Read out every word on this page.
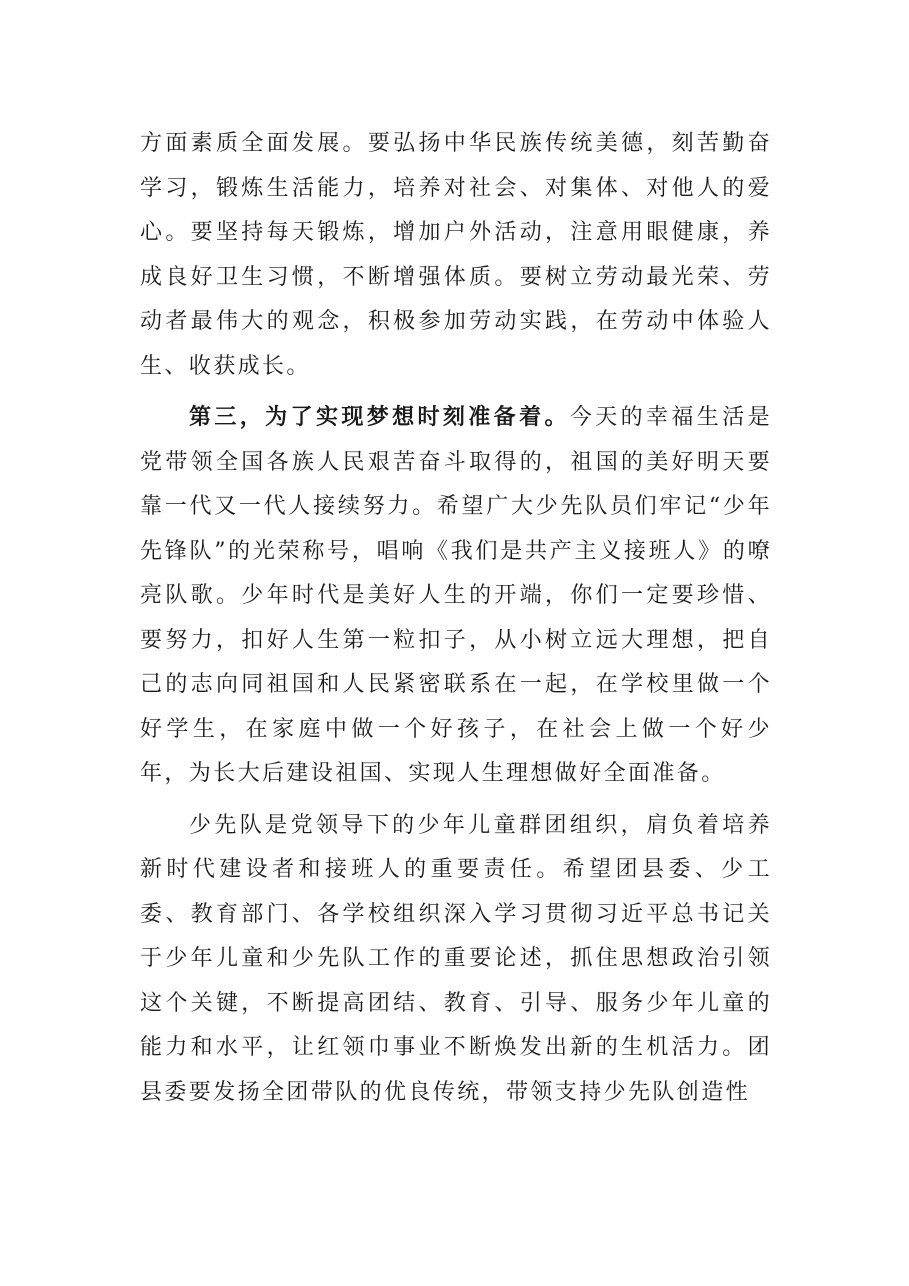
方面素质全面发展。要弘扬中华民族传统美德，刻苦勤奋学习，锻炼生活能力，培养对社会、对集体、对他人的爱心。要坚持每天锻炼，增加户外活动，注意用眼健康，养成良好卫生习惯，不断增强体质。要树立劳动最光荣、劳动者最伟大的观念，积极参加劳动实践，在劳动中体验人生、收获成长。

第三，为了实现梦想时刻准备着。今天的幸福生活是党带领全国各族人民艰苦奋斗取得的，祖国的美好明天要靠一代又一代人接续努力。希望广大少先队员们牢记“少年先锋队”的光荣称号，唱响《我们是共产主义接班人》的嘹亮队歌。少年时代是美好人生的开端，你们一定要珍惜、要努力，扣好人生第一粒扣子，从小树立远大理想，把自己的志向同祖国和人民紧密联系在一起，在学校里做一个好学生，在家庭中做一个好孩子，在社会上做一个好少年，为长大后建设祖国、实现人生理想做好全面准备。

少先队是党领导下的少年儿童群团组织，肩负着培养新时代建设者和接班人的重要责任。希望团县委、少工委、教育部门、各学校组织深入学习贯彻习近平总书记关于少年儿童和少先队工作的重要论述，抓住思想政治引领这个关键，不断提高团结、教育、引导、服务少年儿童的能力和水平，让红领巾事业不断焕发出新的生机活力。团县委要发扬全团带队的优良传统，带领支持少先队创造性
